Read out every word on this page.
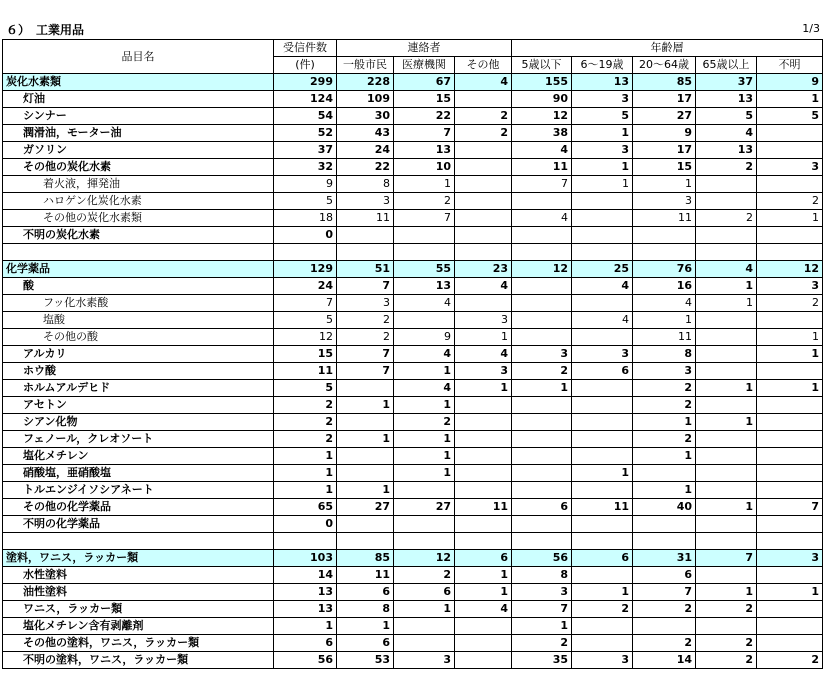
６）　工業用品	1/3
品目名	受信件数	連絡者			年齢層				
	(件)	一般市民	医療機関	その他	5歳以下	6～19歳	20～64歳	65歳以上	不明
炭化水素類	299	228	67	4	155	13	85	37	9
灯油	124	109	15		90	3	17	13	1
シンナー	54	30	22	2	12	5	27	5	5
潤滑油，モーター油	52	43	7	2	38	1	9	4	
ガソリン	37	24	13		4	3	17	13	
その他の炭化水素	32	22	10		11	1	15	2	3
着火液，揮発油	9	8	1		7	1	1		
ハロゲン化炭化水素	5	3	2				3		2
その他の炭化水素類	18	11	7		4		11	2	1
不明の炭化水素	0								

化学薬品	129	51	55	23	12	25	76	4	12
酸	24	7	13	4		4	16	1	3
フッ化水素酸	7	3	4				4	1	2
塩酸	5	2		3		4	1		
その他の酸	12	2	9	1			11		1
アルカリ	15	7	4	4	3	3	8		1
ホウ酸	11	7	1	3	2	6	3		
ホルムアルデヒド	5		4	1	1		2	1	1
アセトン	2	1	1				2		
シアン化物	2		2				1	1	
フェノール，クレオソート	2	1	1				2		
塩化メチレン	1		1				1		
硝酸塩，亜硝酸塩	1		1			1			
トルエンジイソシアネート	1	1					1		
その他の化学薬品	65	27	27	11	6	11	40	1	7
不明の化学薬品	0								

塗料，ワニス，ラッカー類	103	85	12	6	56	6	31	7	3
水性塗料	14	11	2	1	8		6		
油性塗料	13	6	6	1	3	1	7	1	1
ワニス，ラッカー類	13	8	1	4	7	2	2	2	
塩化メチレン含有剥離剤	1	1			1				
その他の塗料，ワニス，ラッカー類	6	6			2		2	2	
不明の塗料，ワニス，ラッカー類	56	53	3		35	3	14	2	2
